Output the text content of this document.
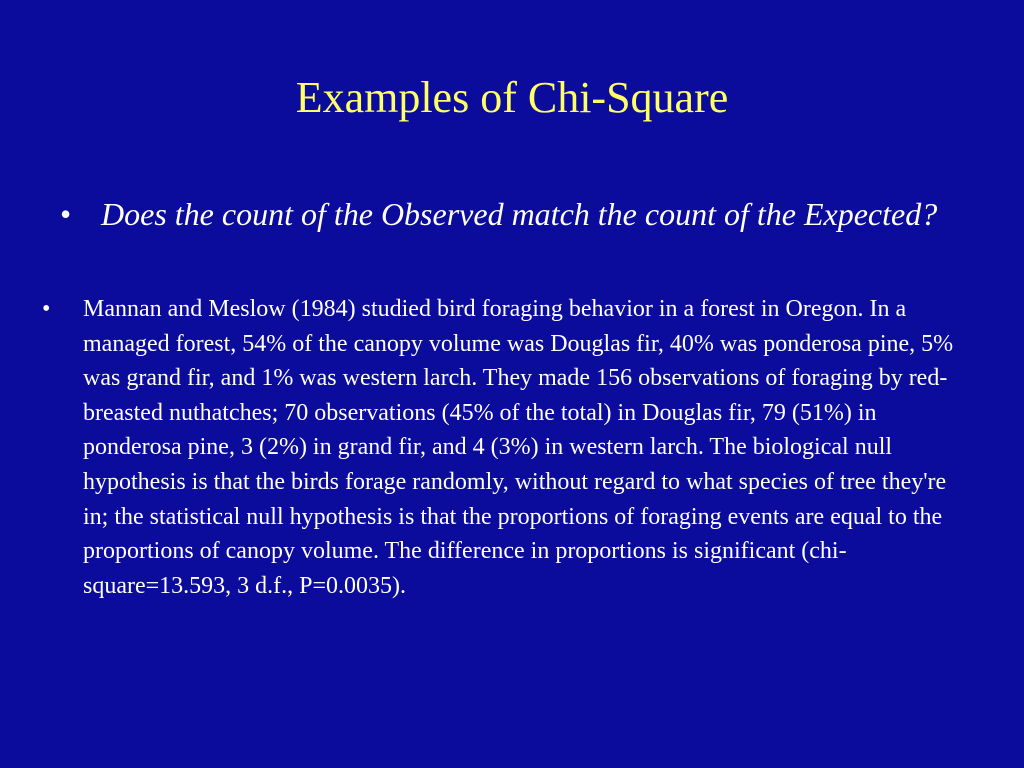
Examples of Chi-Square
• Does the count of the Observed match the count of the Expected?

•	Mannan and Meslow (1984) studied bird foraging behavior in a forest in Oregon. In a managed forest, 54% of the canopy volume was Douglas fir, 40% was ponderosa pine, 5% was grand fir, and 1% was western larch. They made 156 observations of foraging by red-breasted nuthatches; 70 observations (45% of the total) in Douglas fir, 79 (51%) in ponderosa pine, 3 (2%) in grand fir, and 4 (3%) in western larch. The biological null hypothesis is that the birds forage randomly, without regard to what species of tree they're in; the statistical null hypothesis is that the proportions of foraging events are equal to the proportions of canopy volume. The difference in proportions is significant (chi-square=13.593, 3 d.f., P=0.0035).
